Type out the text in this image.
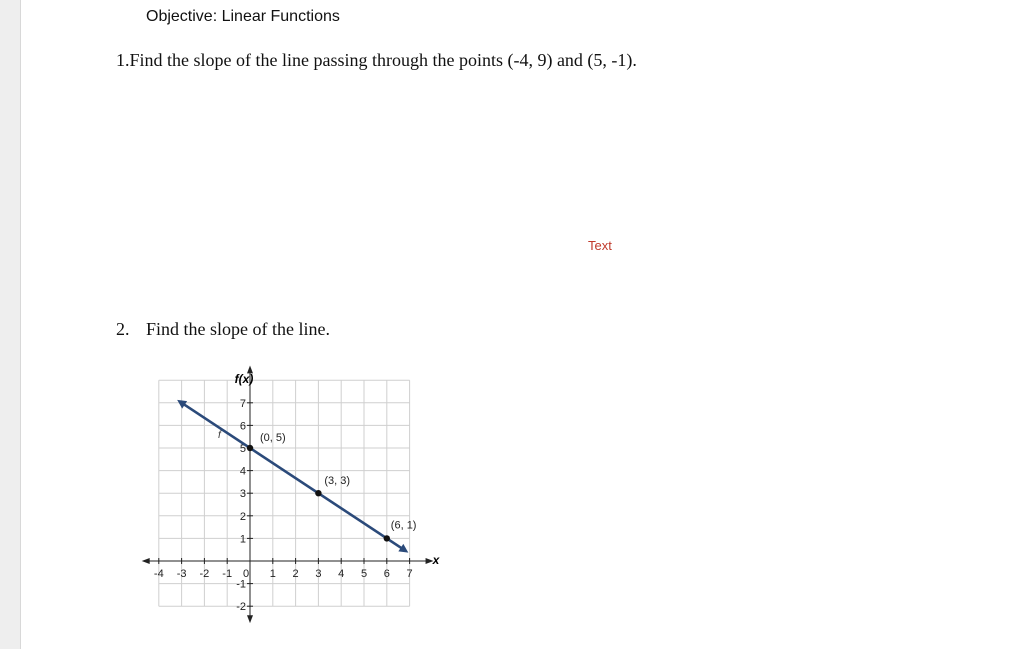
Objective: Linear Functions
1.Find the slope of the line passing through the points (-4, 9) and (5, -1).
Text
2. Find the slope of the line.
-4 -3 -2 -1 0 1 2 3 4 5 6 7
1
2
3
4
5
6
7
-1
-2
(0, 5)
(3, 3)
(6, 1)
f(x)
x
f
